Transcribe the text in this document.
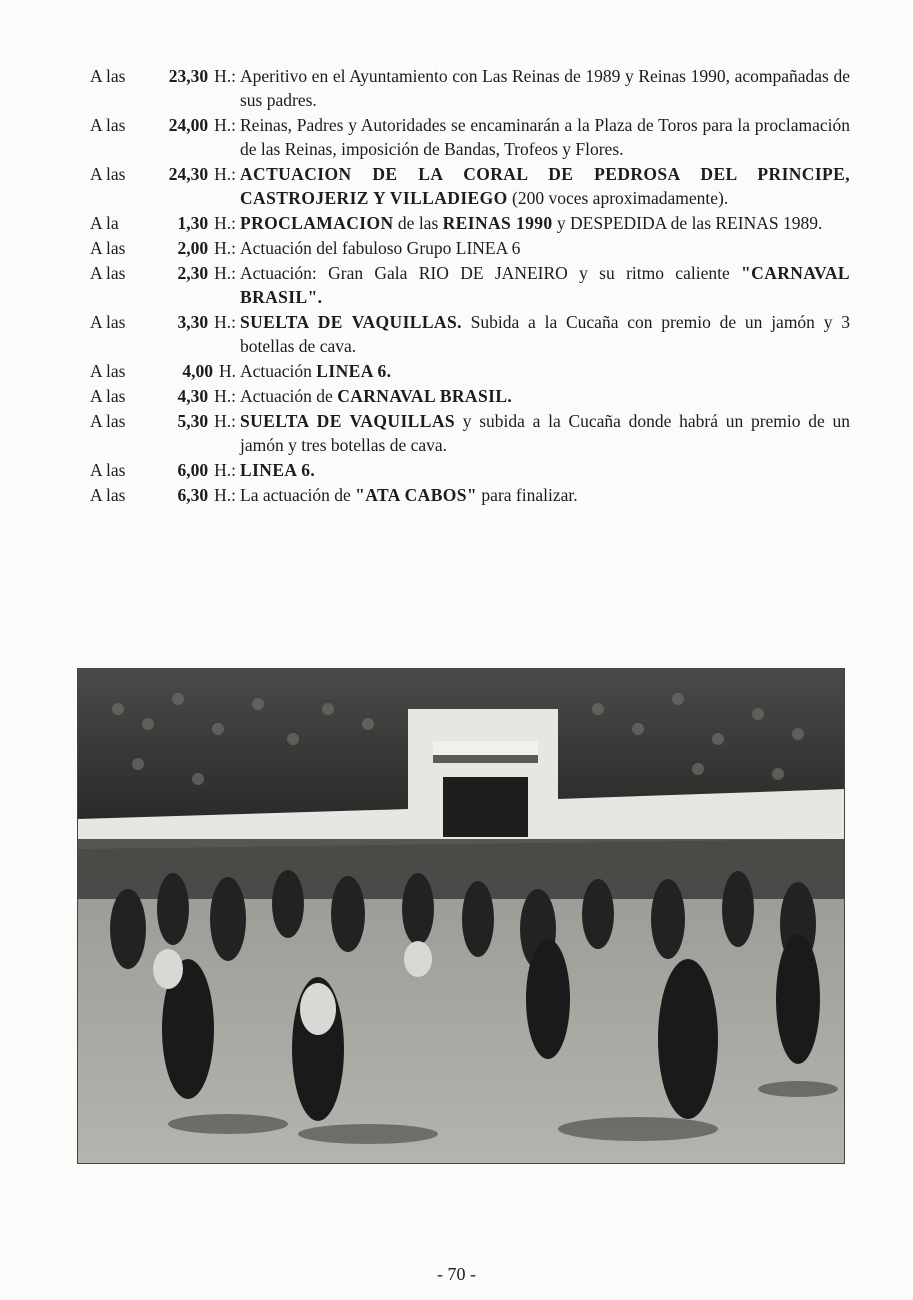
A las	23,30 H.: Aperitivo en el Ayuntamiento con Las Reinas de 1989 y Reinas 1990, acompañadas de sus padres.
A las	24,00 H.: Reinas, Padres y Autoridades se encaminarán a la Plaza de Toros para la proclamación de las Reinas, imposición de Bandas, Trofeos y Flores.
A las	24,30 H.: ACTUACION DE LA CORAL DE PEDROSA DEL PRINCIPE, CASTROJERIZ Y VILLADIEGO (200 voces aproximadamente).
A la	1,30 H.: PROCLAMACION de las REINAS 1990 y DESPEDIDA de las REINAS 1989.
A las	2,00 H.: Actuación del fabuloso Grupo LINEA 6
A las	2,30 H.: Actuación: Gran Gala RIO DE JANEIRO y su ritmo caliente "CARNAVAL BRASIL".
A las	3,30 H.: SUELTA DE VAQUILLAS. Subida a la Cucaña con premio de un jamón y 3 botellas de cava.
A las	4,00 H. Actuación LINEA 6.
A las	4,30 H.: Actuación de CARNAVAL BRASIL.
A las	5,30 H.: SUELTA DE VAQUILLAS y subida a la Cucaña donde habrá un premio de un jamón y tres botellas de cava.
A las	6,00 H.: LINEA 6.
A las	6,30 H.: La actuación de "ATA CABOS" para finalizar.
- 70 -
